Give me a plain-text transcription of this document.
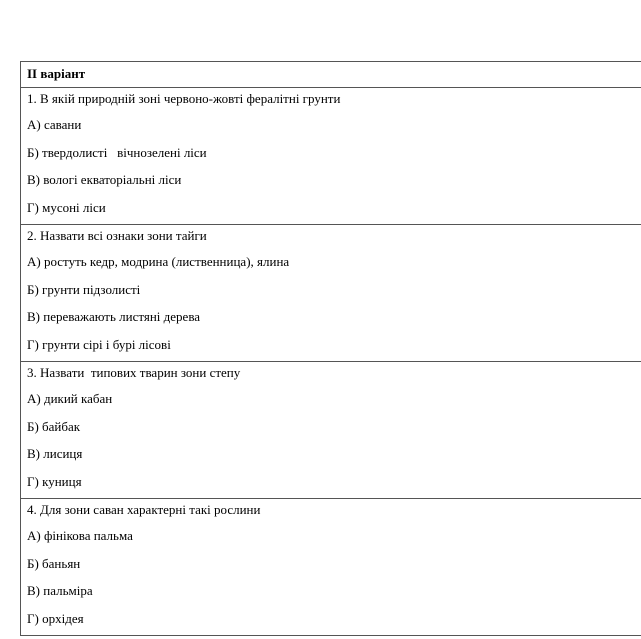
ІІ варіант
1. В якій природній зоні червоно-жовті фералітні грунти
А) савани
Б) твердолисті   вічнозелені ліси
В) вологі екваторіальні ліси
Г) мусоні ліси
2. Назвати всі ознаки зони тайги
А) ростуть кедр, модрина (лиственница), ялина
Б) грунти підзолисті
В) переважають листяні дерева
Г) грунти сірі і бурі лісові
3. Назвати  типових тварин зони степу
А) дикий кабан
Б) байбак
В) лисиця
Г) куниця
4. Для зони саван характерні такі рослини
А) фінікова пальма
Б) баньян
В) пальміра
Г) орхідея
